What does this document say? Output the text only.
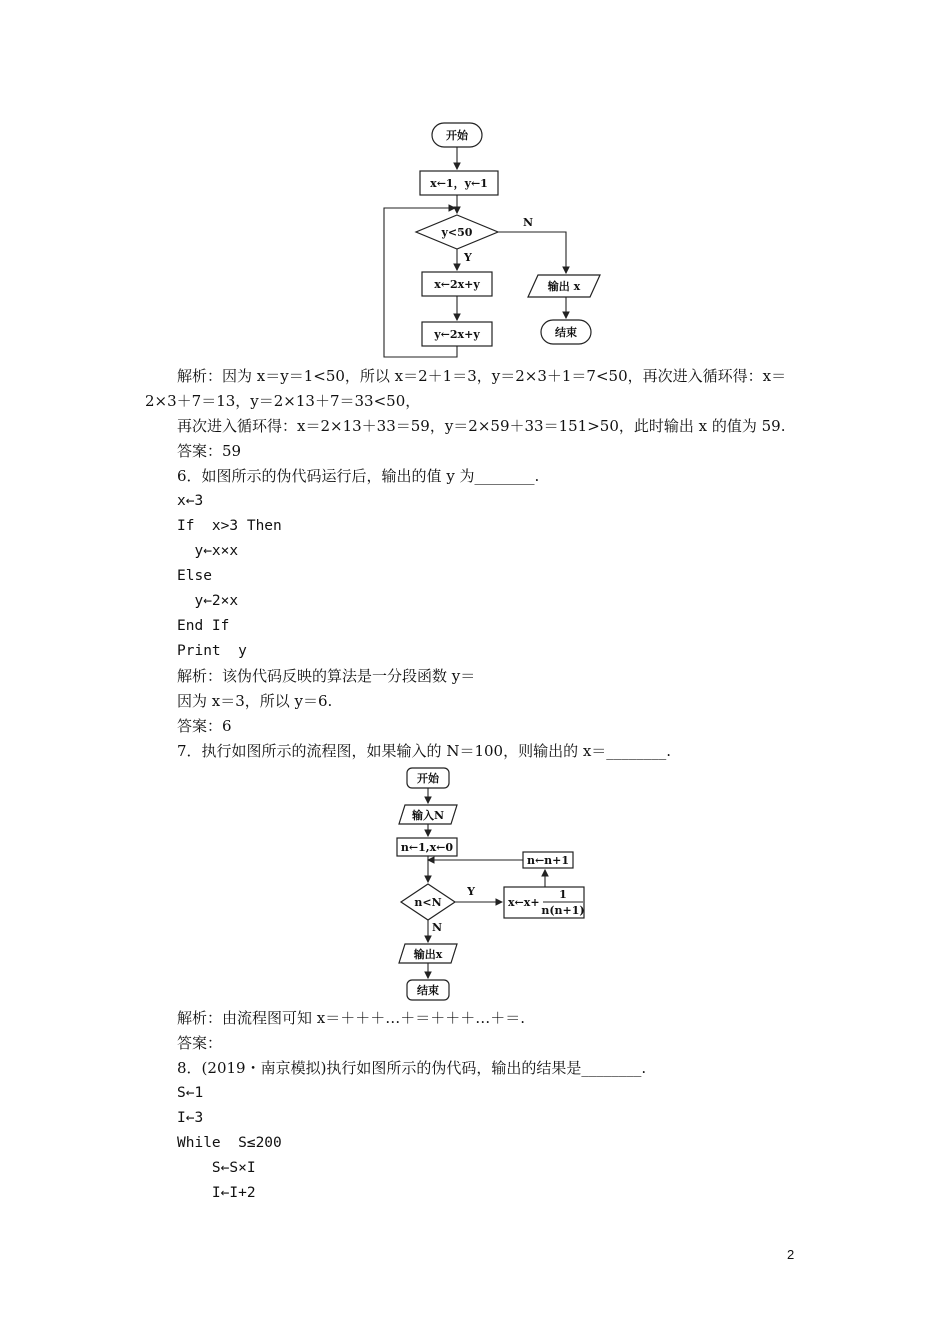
开始
x←1，y←1
y<50
N
Y
x←2x+y
y←2x+y
输出 x
结束
解析：因为 x＝y＝1<50，所以 x＝2＋1＝3，y＝2×3＋1＝7<50，再次进入循环得：x＝
2×3＋7＝13，y＝2×13＋7＝33<50，
再次进入循环得：x＝2×13＋33＝59，y＝2×59＋33＝151>50，此时输出 x 的值为 59.
答案：59
6．如图所示的伪代码运行后，输出的值 y 为________.
x←3
If  x>3 Then
y←x×x
Else
y←2×x
End If
Print  y
解析：该伪代码反映的算法是一分段函数 y＝
因为 x＝3，所以 y＝6.
答案：6
7．执行如图所示的流程图，如果输入的 N＝100，则输出的 x＝________.
开始
输入N
n←1,x←0
n<N
Y
x←x+
1
n(n+1)
n←n+1
N
输出x
结束
解析：由流程图可知 x＝＋＋＋…＋＝＋＋＋…＋＝.
答案：
8．(2019・南京模拟)执行如图所示的伪代码，输出的结果是________.
S←1
I←3
While  S≤200
S←S×I
I←I+2
2
